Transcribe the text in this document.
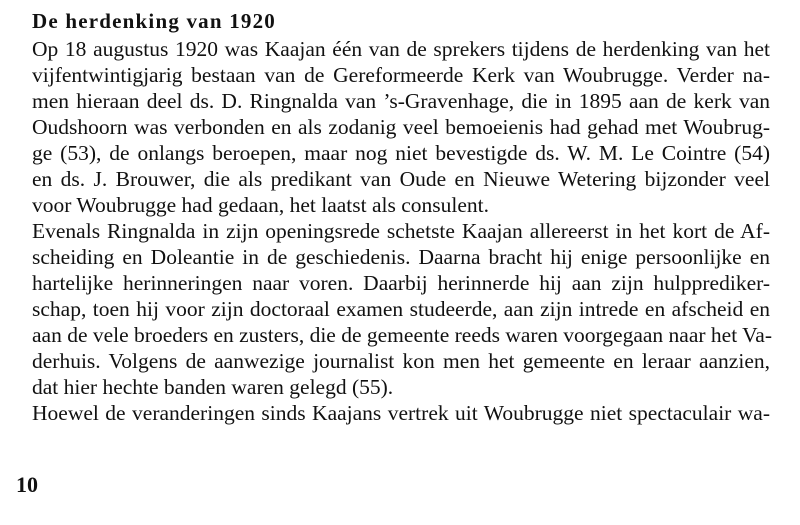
De herdenking van 1920

Op 18 augustus 1920 was Kaajan één van de sprekers tijdens de herdenking van het

vijfentwintigjarig bestaan van de Gereformeerde Kerk van Woubrugge. Verder na-

men hieraan deel ds. D. Ringnalda van ’s-Gravenhage, die in 1895 aan de kerk van

Oudshoorn was verbonden en als zodanig veel bemoeienis had gehad met Woubrug-

ge (53), de onlangs beroepen, maar nog niet bevestigde ds. W. M. Le Cointre (54)

en ds. J. Brouwer, die als predikant van Oude en Nieuwe Wetering bijzonder veel

voor Woubrugge had gedaan, het laatst als consulent.

Evenals Ringnalda in zijn openingsrede schetste Kaajan allereerst in het kort de Af-

scheiding en Doleantie in de geschiedenis. Daarna bracht hij enige persoonlijke en

hartelijke herinneringen naar voren. Daarbij herinnerde hij aan zijn hulpprediker-

schap, toen hij voor zijn doctoraal examen studeerde, aan zijn intrede en afscheid en

aan de vele broeders en zusters, die de gemeente reeds waren voorgegaan naar het Va-

derhuis. Volgens de aanwezige journalist kon men het gemeente en leraar aanzien,

dat hier hechte banden waren gelegd (55).

Hoewel de veranderingen sinds Kaajans vertrek uit Woubrugge niet spectaculair wa-

10
